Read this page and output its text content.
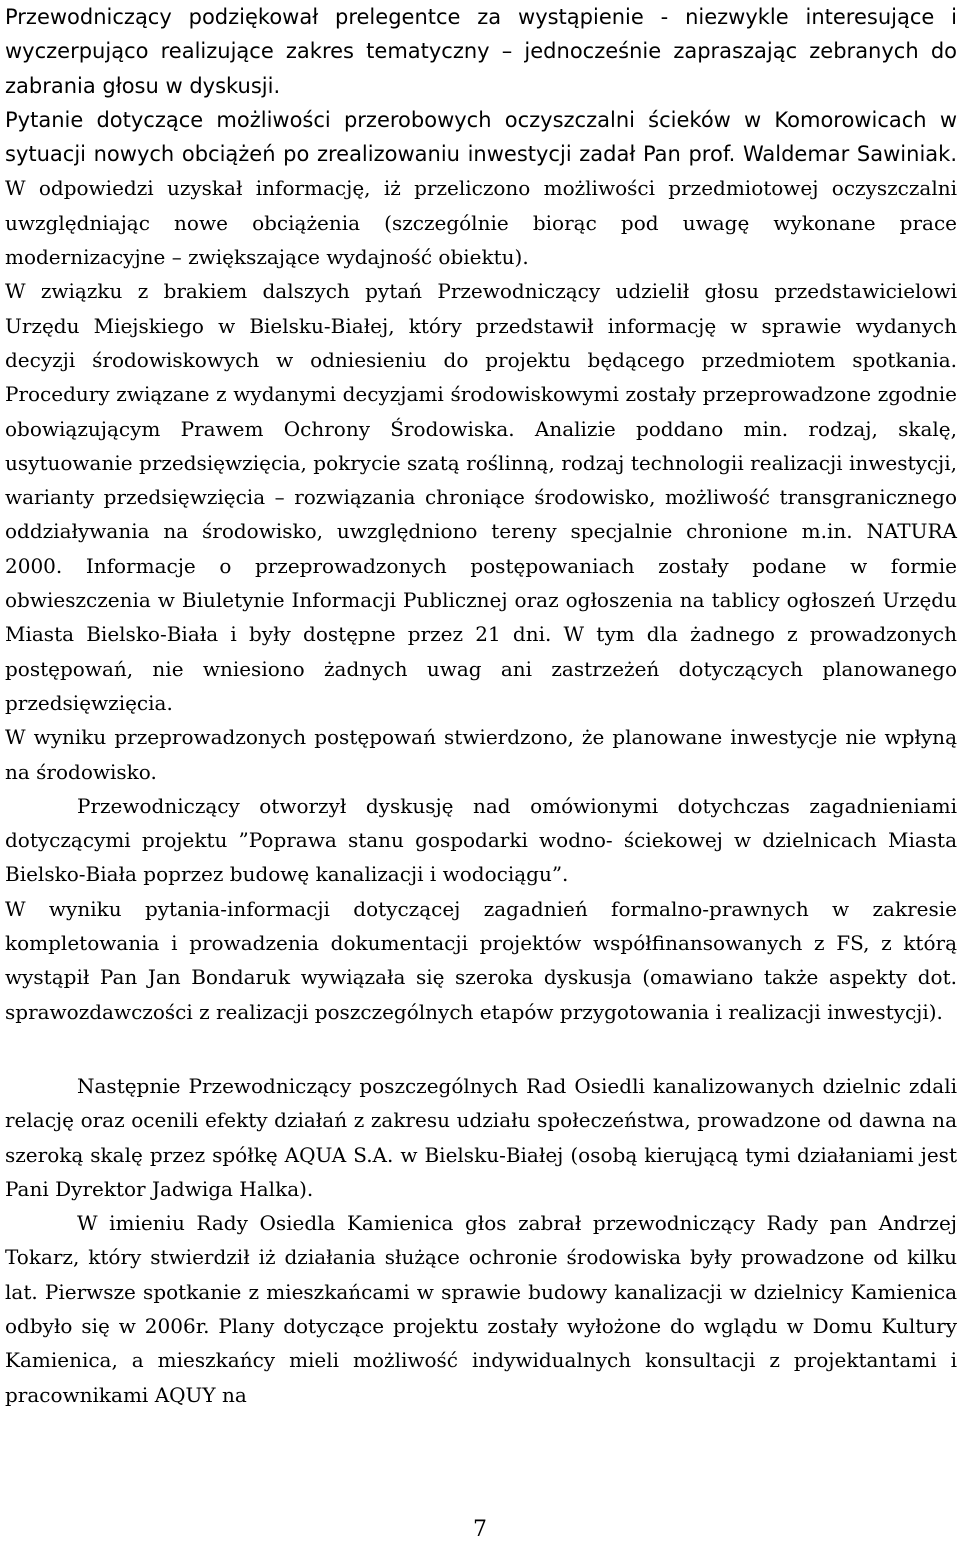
Przewodniczący podziękował prelegentce za wystąpienie - niezwykle interesujące i wyczerpująco realizujące zakres tematyczny – jednocześnie zapraszając zebranych do zabrania głosu w dyskusji.

Pytanie dotyczące możliwości przerobowych oczyszczalni ścieków w Komorowicach w sytuacji nowych obciążeń po zrealizowaniu inwestycji zadał Pan prof. Waldemar Sawiniak. W odpowiedzi uzyskał informację, iż przeliczono możliwości przedmiotowej oczyszczalni uwzględniając nowe obciążenia (szczególnie biorąc pod uwagę wykonane prace modernizacyjne – zwiększające wydajność obiektu).

W związku z brakiem dalszych pytań Przewodniczący udzielił głosu przedstawicielowi Urzędu Miejskiego w Bielsku-Białej, który przedstawił informację w sprawie wydanych decyzji środowiskowych w odniesieniu do projektu będącego przedmiotem spotkania. Procedury związane z wydanymi decyzjami środowiskowymi zostały przeprowadzone zgodnie obowiązującym Prawem Ochrony Środowiska. Analizie poddano min. rodzaj, skalę, usytuowanie przedsięwzięcia, pokrycie szatą roślinną, rodzaj technologii realizacji inwestycji, warianty przedsięwzięcia – rozwiązania chroniące środowisko, możliwość transgranicznego oddziaływania na środowisko, uwzględniono tereny specjalnie chronione m.in. NATURA 2000. Informacje o przeprowadzonych postępowaniach zostały podane w formie obwieszczenia w Biuletynie Informacji Publicznej oraz ogłoszenia na tablicy ogłoszeń Urzędu Miasta Bielsko-Biała i były dostępne przez 21 dni. W tym dla żadnego z prowadzonych postępowań, nie wniesiono żadnych uwag ani zastrzeżeń dotyczących planowanego przedsięwzięcia.

W wyniku przeprowadzonych postępowań stwierdzono, że planowane inwestycje nie wpłyną na środowisko.

Przewodniczący otworzył dyskusję nad omówionymi dotychczas zagadnieniami dotyczącymi projektu ”Poprawa stanu gospodarki wodno- ściekowej w dzielnicach Miasta Bielsko-Biała poprzez budowę kanalizacji i wodociągu”.

W wyniku pytania-informacji dotyczącej zagadnień formalno-prawnych w zakresie kompletowania i prowadzenia dokumentacji projektów współfinansowanych z FS, z którą wystąpił Pan Jan Bondaruk wywiązała się szeroka dyskusja (omawiano także aspekty dot. sprawozdawczości z realizacji poszczególnych etapów przygotowania i realizacji inwestycji).

Następnie Przewodniczący poszczególnych Rad Osiedli kanalizowanych dzielnic zdali relację oraz ocenili efekty działań z zakresu udziału społeczeństwa, prowadzone od dawna na szeroką skalę przez spółkę AQUA S.A. w Bielsku-Białej (osobą kierującą tymi działaniami jest Pani Dyrektor Jadwiga Halka).

W imieniu Rady Osiedla Kamienica głos zabrał przewodniczący Rady pan Andrzej Tokarz, który stwierdził iż działania służące ochronie środowiska były prowadzone od kilku lat. Pierwsze spotkanie z mieszkańcami w sprawie budowy kanalizacji w dzielnicy Kamienica odbyło się w 2006r. Plany dotyczące projektu zostały wyłożone do wglądu w Domu Kultury Kamienica, a mieszkańcy mieli możliwość indywidualnych konsultacji z projektantami i pracownikami AQUY na

7
